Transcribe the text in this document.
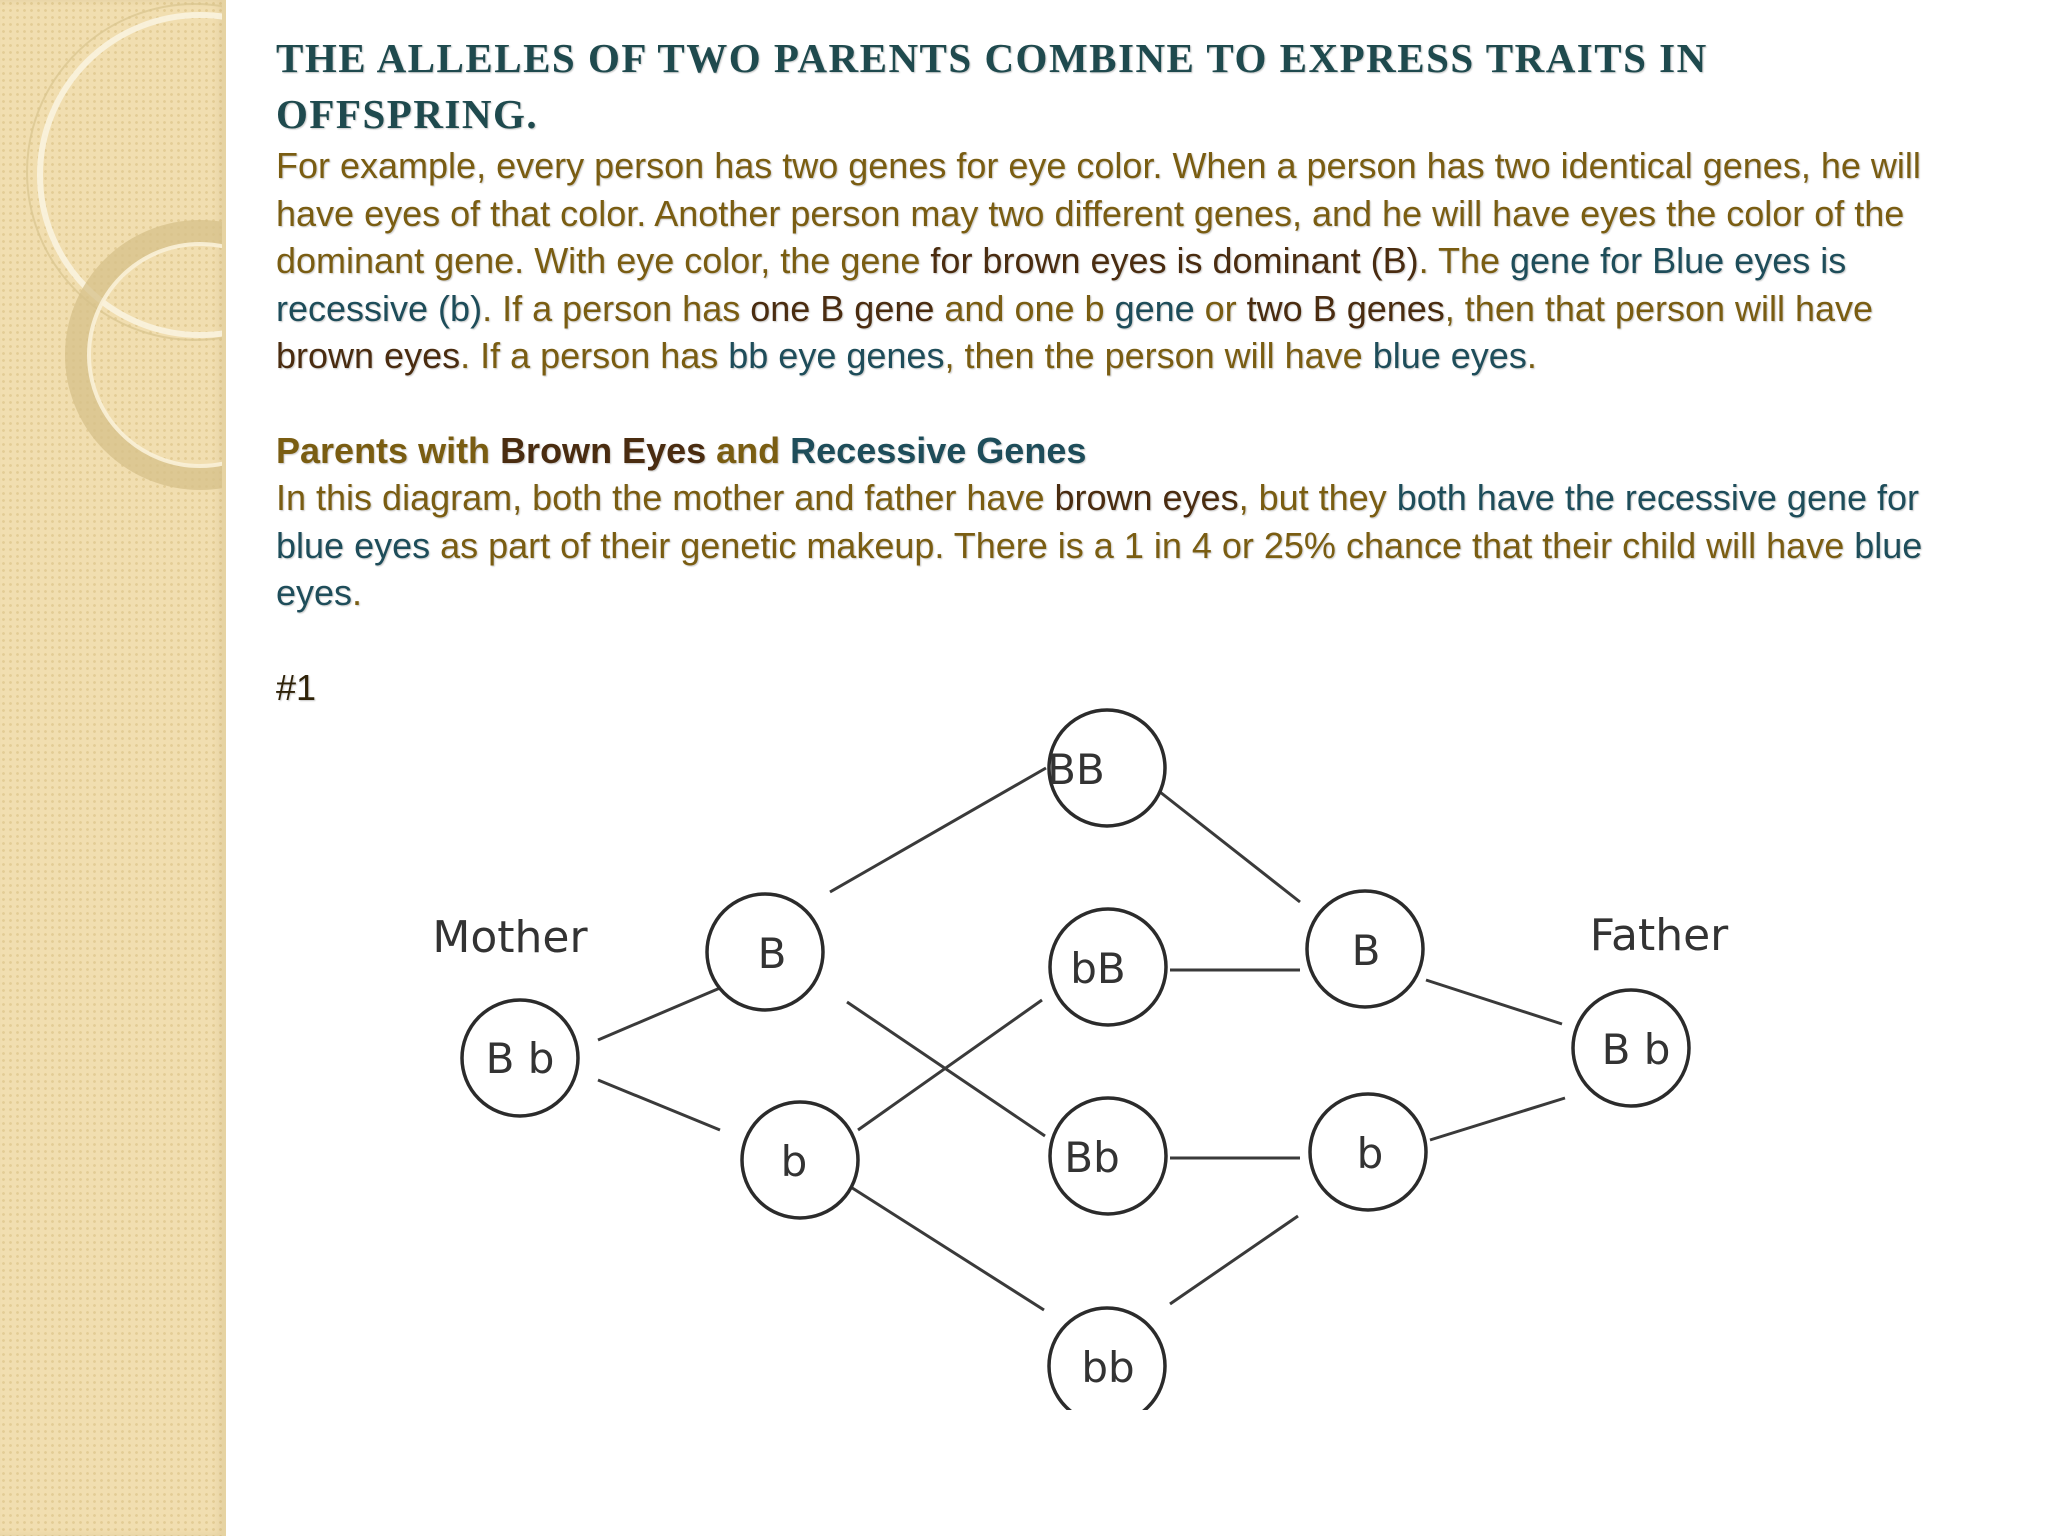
THE ALLELES OF TWO PARENTS COMBINE TO EXPRESS TRAITS IN OFFSPRING.

For example, every person has two genes for eye color. When a person has two identical genes, he will have eyes of that color. Another person may two different genes, and he will have eyes the color of the dominant gene. With eye color, the gene for brown eyes is dominant (B). The gene for Blue eyes is recessive (b). If a person has one B gene and one b gene or two B genes, then that person will have brown eyes. If a person has bb eye genes, then the person will have blue eyes.

Parents with Brown Eyes and Recessive Genes

In this diagram, both the mother and father have brown eyes, but they both have the recessive gene for blue eyes as part of their genetic makeup. There is a 1 in 4 or 25% chance that their child will have blue eyes.

#1

Mother	Father
B b
B
b
BB
bB
Bb
bb
B
b
B b
